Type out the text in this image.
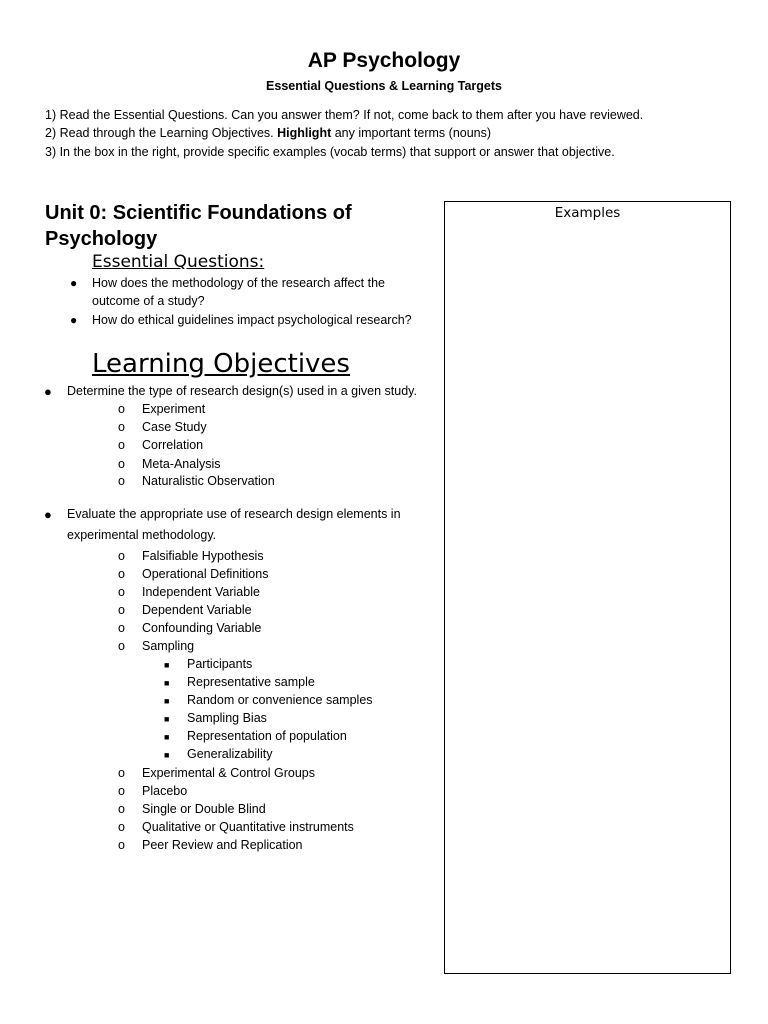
AP Psychology
Essential Questions & Learning Targets
1) Read the Essential Questions. Can you answer them? If not, come back to them after you have reviewed.
2) Read through the Learning Objectives. Highlight any important terms (nouns)
3) In the box in the right, provide specific examples (vocab terms) that support or answer that objective.
Unit 0: Scientific Foundations of Psychology
Essential Questions:
● How does the methodology of the research affect the outcome of a study?
● How do ethical guidelines impact psychological research?
Learning Objectives
● Determine the type of research design(s) used in a given study.
o Experiment
o Case Study
o Correlation
o Meta-Analysis
o Naturalistic Observation
● Evaluate the appropriate use of research design elements in experimental methodology.
o Falsifiable Hypothesis
o Operational Definitions
o Independent Variable
o Dependent Variable
o Confounding Variable
o Sampling
■ Participants
■ Representative sample
■ Random or convenience samples
■ Sampling Bias
■ Representation of population
■ Generalizability
o Experimental & Control Groups
o Placebo
o Single or Double Blind
o Qualitative or Quantitative instruments
o Peer Review and Replication
Examples
